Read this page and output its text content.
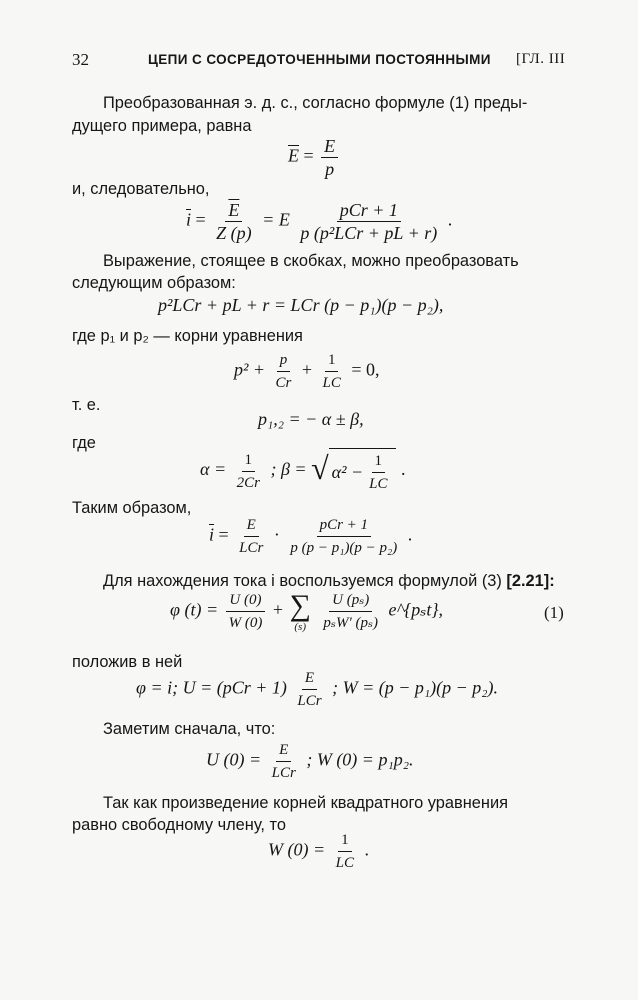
32	ЦЕПИ С СОСРЕДОТОЧЕННЫМИ ПОСТОЯННЫМИ [ГЛ. III
Преобразованная э. д. с., согласно формуле (1) преды-
дущего примера, равна
$\overline{E} = \frac{E}{p}$
и, следовательно,
$\overline{i} = \frac{\overline{E}}{Z (p)} = E \frac{\text{pCr + 1}}{\text{p (p²LCr + pL + r)}}$ .
Выражение, стоящее в скобках, можно преобразовать
следующим образом:
p²LCr + pL + r = LCr (p − p₁)(p − p₂),
где p₁ и p₂ — корни уравнения
$p^2 + \frac{p}{Cr} + \frac{1}{LC} = 0$,
т. е.
p₁,₂ = − α ± β,
где
$\alpha = \frac{1}{2Cr}$ ; β = √ $\alpha^2 - \frac{1}{LC}$ .
Таким образом,
$\overline{i} = \frac{E}{\text{LCr}} \cdot \frac{\text{pCr + 1}}{\text{p (p − p₁)(p − p₂)}}$ .
Для нахождения тока i воспользуемся формулой (3) [2.21]:
φ $(t) = \frac{U (0)}{W (0)}$ + ∑
(s)
$\frac{\text{U (pₛ)}}{\text{pₛW′ (pₛ)}}$ e^{pₛt},	(1)
положив в ней
φ = i; $U = (pCr + 1) \frac{E}{\text{LCr}}$ ; W = (p − p₁)(p − p₂).
Заметим сначала, что:
U $(0) = \frac{E}{\text{LCr}}$ ; W (0) = p₁p₂.
Так как произведение корней квадратного уравнения
равно свободному члену, то
W $(0) = \frac{1}{LC}$ .
